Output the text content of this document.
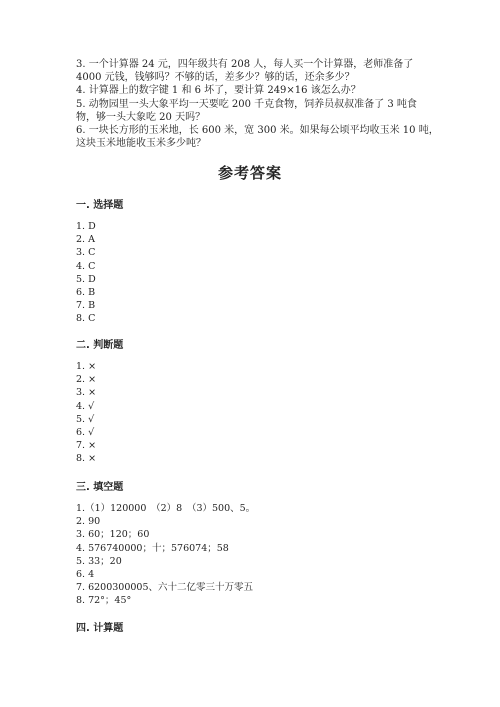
3. 一个计算器 24 元，四年级共有 208 人，每人买一个计算器，老师准备了
4000 元钱，钱够吗？不够的话，差多少？够的话，还余多少？
4. 计算器上的数字键 1 和 6 坏了，要计算 249×16 该怎么办？
5. 动物园里一头大象平均一天要吃 200 千克食物，饲养员叔叔准备了 3 吨食
物，够一头大象吃 20 天吗？
6. 一块长方形的玉米地，长 600 米，宽 300 米。如果每公顷平均收玉米 10 吨，
这块玉米地能收玉米多少吨？
参考答案
一. 选择题
1. D
2. A
3. C
4. C
5. D
6. B
7. B
8. C
二. 判断题
1. ×
2. ×
3. ×
4. √
5. √
6. √
7. ×
8. ×
三. 填空题
1.（1）120000　（2）8　（3）500、5。
2. 90
3. 60；120；60
4. 576740000；十；576074；58
5. 33；20
6. 4
7. 6200300005、六十二亿零三十万零五
8. 72°；45°
四. 计算题
